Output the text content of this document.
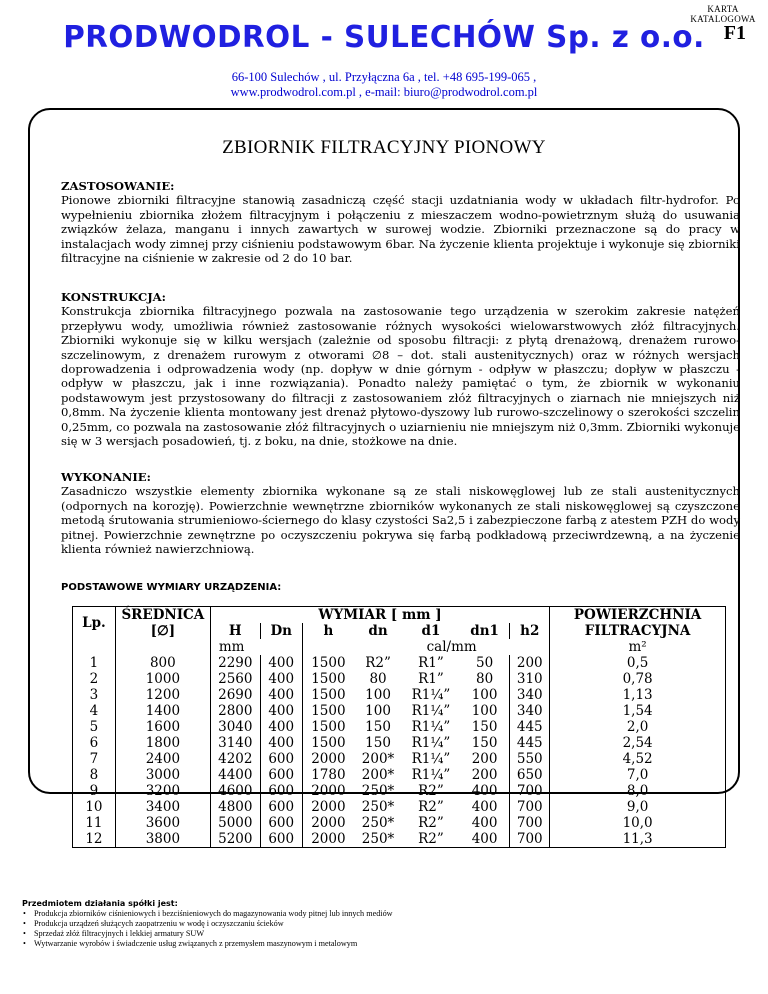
KARTA
KATALOGOWA
F1
PRODWODROL - SULECHÓW Sp. z o.o.
66-100 Sulechów , ul. Przyłączna 6a , tel. +48 695-199-065 ,
www.prodwodrol.com.pl , e-mail: biuro@prodwodrol.com.pl
ZBIORNIK FILTRACYJNY PIONOWY
ZASTOSOWANIE:
Pionowe zbiorniki filtracyjne stanowią zasadniczą część stacji uzdatniania wody w układach filtr-hydrofor. Po wypełnieniu zbiornika złożem filtracyjnym i połączeniu z mieszaczem wodno-powietrznym służą do usuwania związków żelaza, manganu i innych zawartych w surowej wodzie. Zbiorniki przeznaczone są do pracy w instalacjach wody zimnej przy ciśnieniu podstawowym 6bar. Na życzenie klienta projektuje i wykonuje się zbiorniki filtracyjne na ciśnienie w zakresie od 2 do 10 bar.
KONSTRUKCJA:
Konstrukcja zbiornika filtracyjnego pozwala na zastosowanie tego urządzenia w szerokim zakresie natężeń przepływu wody, umożliwia również zastosowanie różnych wysokości wielowarstwowych złóż filtracyjnych. Zbiorniki wykonuje się w kilku wersjach (zależnie od sposobu filtracji: z płytą drenażową, drenażem rurowo-szczelinowym, z drenażem rurowym z otworami ∅8 – dot. stali austenitycznych) oraz w różnych wersjach doprowadzenia i odprowadzenia wody (np. dopływ w dnie górnym - odpływ w płaszczu; dopływ w płaszczu - odpływ w płaszczu, jak i inne rozwiązania). Ponadto należy pamiętać o tym, że zbiornik w wykonaniu podstawowym jest przystosowany do filtracji z zastosowaniem złóż filtracyjnych o ziarnach nie mniejszych niż 0,8mm. Na życzenie klienta montowany jest drenaż płytowo-dyszowy lub rurowo-szczelinowy o szerokości szczelin 0,25mm, co pozwala na zastosowanie złóż filtracyjnych o uziarnieniu nie mniejszym niż 0,3mm. Zbiorniki wykonuje się w 3 wersjach posadowień, tj. z boku, na dnie, stożkowe na dnie.
WYKONANIE:
Zasadniczo wszystkie elementy zbiornika wykonane są ze stali niskowęglowej lub ze stali austenitycznych (odpornych na korozję). Powierzchnie wewnętrzne zbiorników wykonanych ze stali niskowęglowej są czyszczone metodą śrutowania strumieniowo-ściernego do klasy czystości Sa2,5 i zabezpieczone farbą z atestem PZH do wody pitnej. Powierzchnie zewnętrzne po oczyszczeniu pokrywa się farbą podkładową przeciwrdzewną, a na życzenie klienta również nawierzchniową.
PODSTAWOWE WYMIARY URZĄDZENIA:
Lp.	ŚREDNICA	WYMIAR [ mm ]							POWIERZCHNIA
	[∅]	H	Dn	h	dn	d1	dn1	h2	FILTRACYJNA
		mm			cal/mm				m²
1	800	2290	400	1500	R2”	R1”	50	200	0,5
2	1000	2560	400	1500	80	R1”	80	310	0,78
3	1200	2690	400	1500	100	R1¼”	100	340	1,13
4	1400	2800	400	1500	100	R1¼”	100	340	1,54
5	1600	3040	400	1500	150	R1¼”	150	445	2,0
6	1800	3140	400	1500	150	R1¼”	150	445	2,54
7	2400	4202	600	2000	200*	R1¼”	200	550	4,52
8	3000	4400	600	1780	200*	R1¼”	200	650	7,0
9	3200	4600	600	2000	250*	R2”	400	700	8,0
10	3400	4800	600	2000	250*	R2”	400	700	9,0
11	3600	5000	600	2000	250*	R2”	400	700	10,0
12	3800	5200	600	2000	250*	R2”	400	700	11,3
Przedmiotem działania spółki jest:
• Produkcja zbiorników ciśnieniowych i bezciśnieniowych do magazynowania wody pitnej lub innych mediów
• Produkcja urządzeń służących zaopatrzeniu w wodę i oczyszczaniu ścieków
• Sprzedaż złóż filtracyjnych i lekkiej armatury SUW
• Wytwarzanie wyrobów i świadczenie usług związanych z przemysłem maszynowym i metalowym
